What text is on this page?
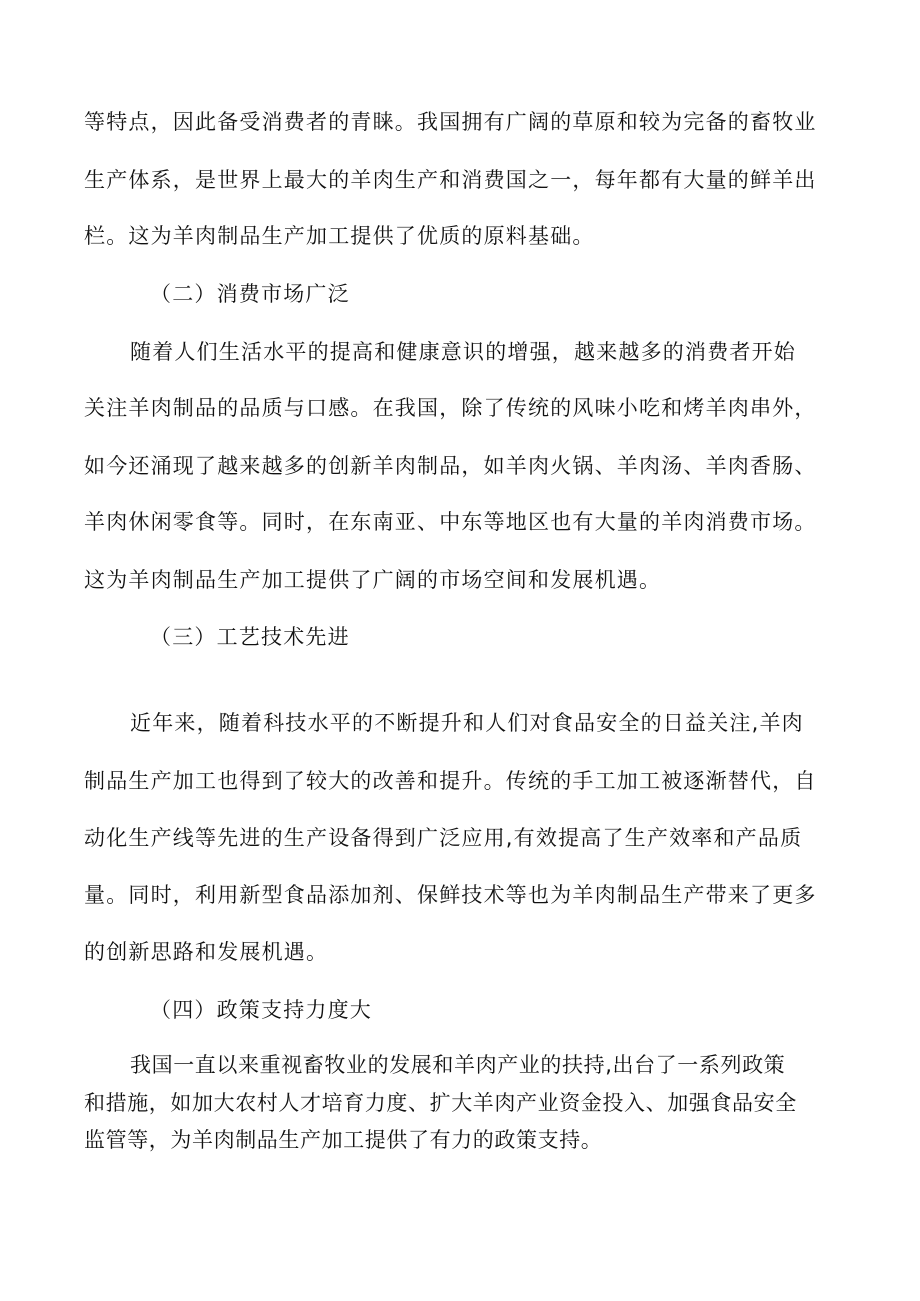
等特点，因此备受消费者的青睐。我国拥有广阔的草原和较为完备的畜牧业
生产体系，是世界上最大的羊肉生产和消费国之一，每年都有大量的鲜羊出
栏。这为羊肉制品生产加工提供了优质的原料基础。
（二）消费市场广泛
随着人们生活水平的提高和健康意识的增强，越来越多的消费者开始
关注羊肉制品的品质与口感。在我国，除了传统的风味小吃和烤羊肉串外，
如今还涌现了越来越多的创新羊肉制品，如羊肉火锅、羊肉汤、羊肉香肠、
羊肉休闲零食等。同时，在东南亚、中东等地区也有大量的羊肉消费市场。
这为羊肉制品生产加工提供了广阔的市场空间和发展机遇。
（三）工艺技术先进
近年来，随着科技水平的不断提升和人们对食品安全的日益关注,羊肉
制品生产加工也得到了较大的改善和提升。传统的手工加工被逐渐替代，自
动化生产线等先进的生产设备得到广泛应用,有效提高了生产效率和产品质
量。同时，利用新型食品添加剂、保鲜技术等也为羊肉制品生产带来了更多
的创新思路和发展机遇。
（四）政策支持力度大
我国一直以来重视畜牧业的发展和羊肉产业的扶持,出台了一系列政策
和措施，如加大农村人才培育力度、扩大羊肉产业资金投入、加强食品安全
监管等，为羊肉制品生产加工提供了有力的政策支持。
